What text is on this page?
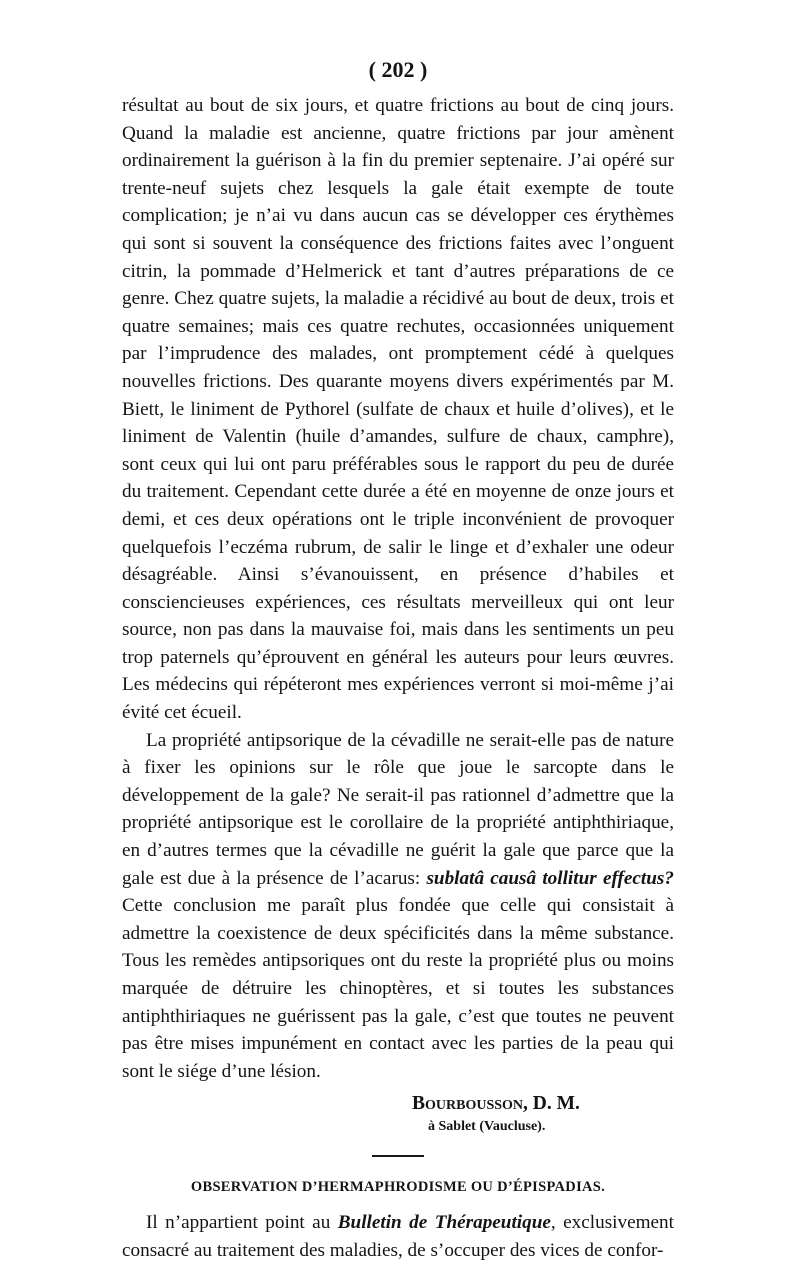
( 202 )

résultat au bout de six jours, et quatre frictions au bout de cinq jours. Quand la maladie est ancienne, quatre frictions par jour amènent ordinairement la guérison à la fin du premier septenaire. J’ai opéré sur trente-neuf sujets chez lesquels la gale était exempte de toute complication; je n’ai vu dans aucun cas se développer ces érythèmes qui sont si souvent la conséquence des frictions faites avec l’onguent citrin, la pommade d’Helmerick et tant d’autres préparations de ce genre. Chez quatre sujets, la maladie a récidivé au bout de deux, trois et quatre semaines; mais ces quatre rechutes, occasionnées uniquement par l’imprudence des malades, ont promptement cédé à quelques nouvelles frictions. Des quarante moyens divers expérimentés par M. Biett, le liniment de Pythorel (sulfate de chaux et huile d’olives), et le liniment de Valentin (huile d’amandes, sulfure de chaux, camphre), sont ceux qui lui ont paru préférables sous le rapport du peu de durée du traitement. Cependant cette durée a été en moyenne de onze jours et demi, et ces deux opérations ont le triple inconvénient de provoquer quelquefois l’eczéma rubrum, de salir le linge et d’exhaler une odeur désagréable. Ainsi s’évanouissent, en présence d’habiles et consciencieuses expériences, ces résultats merveilleux qui ont leur source, non pas dans la mauvaise foi, mais dans les sentiments un peu trop paternels qu’éprouvent en général les auteurs pour leurs œuvres. Les médecins qui répéteront mes expériences verront si moi-même j’ai évité cet écueil.

La propriété antipsorique de la cévadille ne serait-elle pas de nature à fixer les opinions sur le rôle que joue le sarcopte dans le développement de la gale? Ne serait-il pas rationnel d’admettre que la propriété antipsorique est le corollaire de la propriété antiphthiriaque, en d’autres termes que la cévadille ne guérit la gale que parce que la gale est due à la présence de l’acarus: sublatâ causâ tollitur effectus? Cette conclusion me paraît plus fondée que celle qui consistait à admettre la coexistence de deux spécificités dans la même substance. Tous les remèdes antipsoriques ont du reste la propriété plus ou moins marquée de détruire les chinoptères, et si toutes les substances antiphthiriaques ne guérissent pas la gale, c’est que toutes ne peuvent pas être mises impunément en contact avec les parties de la peau qui sont le siége d’une lésion.

Bourbousson, D. M.
à Sablet (Vaucluse).
OBSERVATION D’HERMAPHRODISME OU D’ÉPISPADIAS.

Il n’appartient point au Bulletin de Thérapeutique, exclusivement consacré au traitement des maladies, de s’occuper des vices de confor-
